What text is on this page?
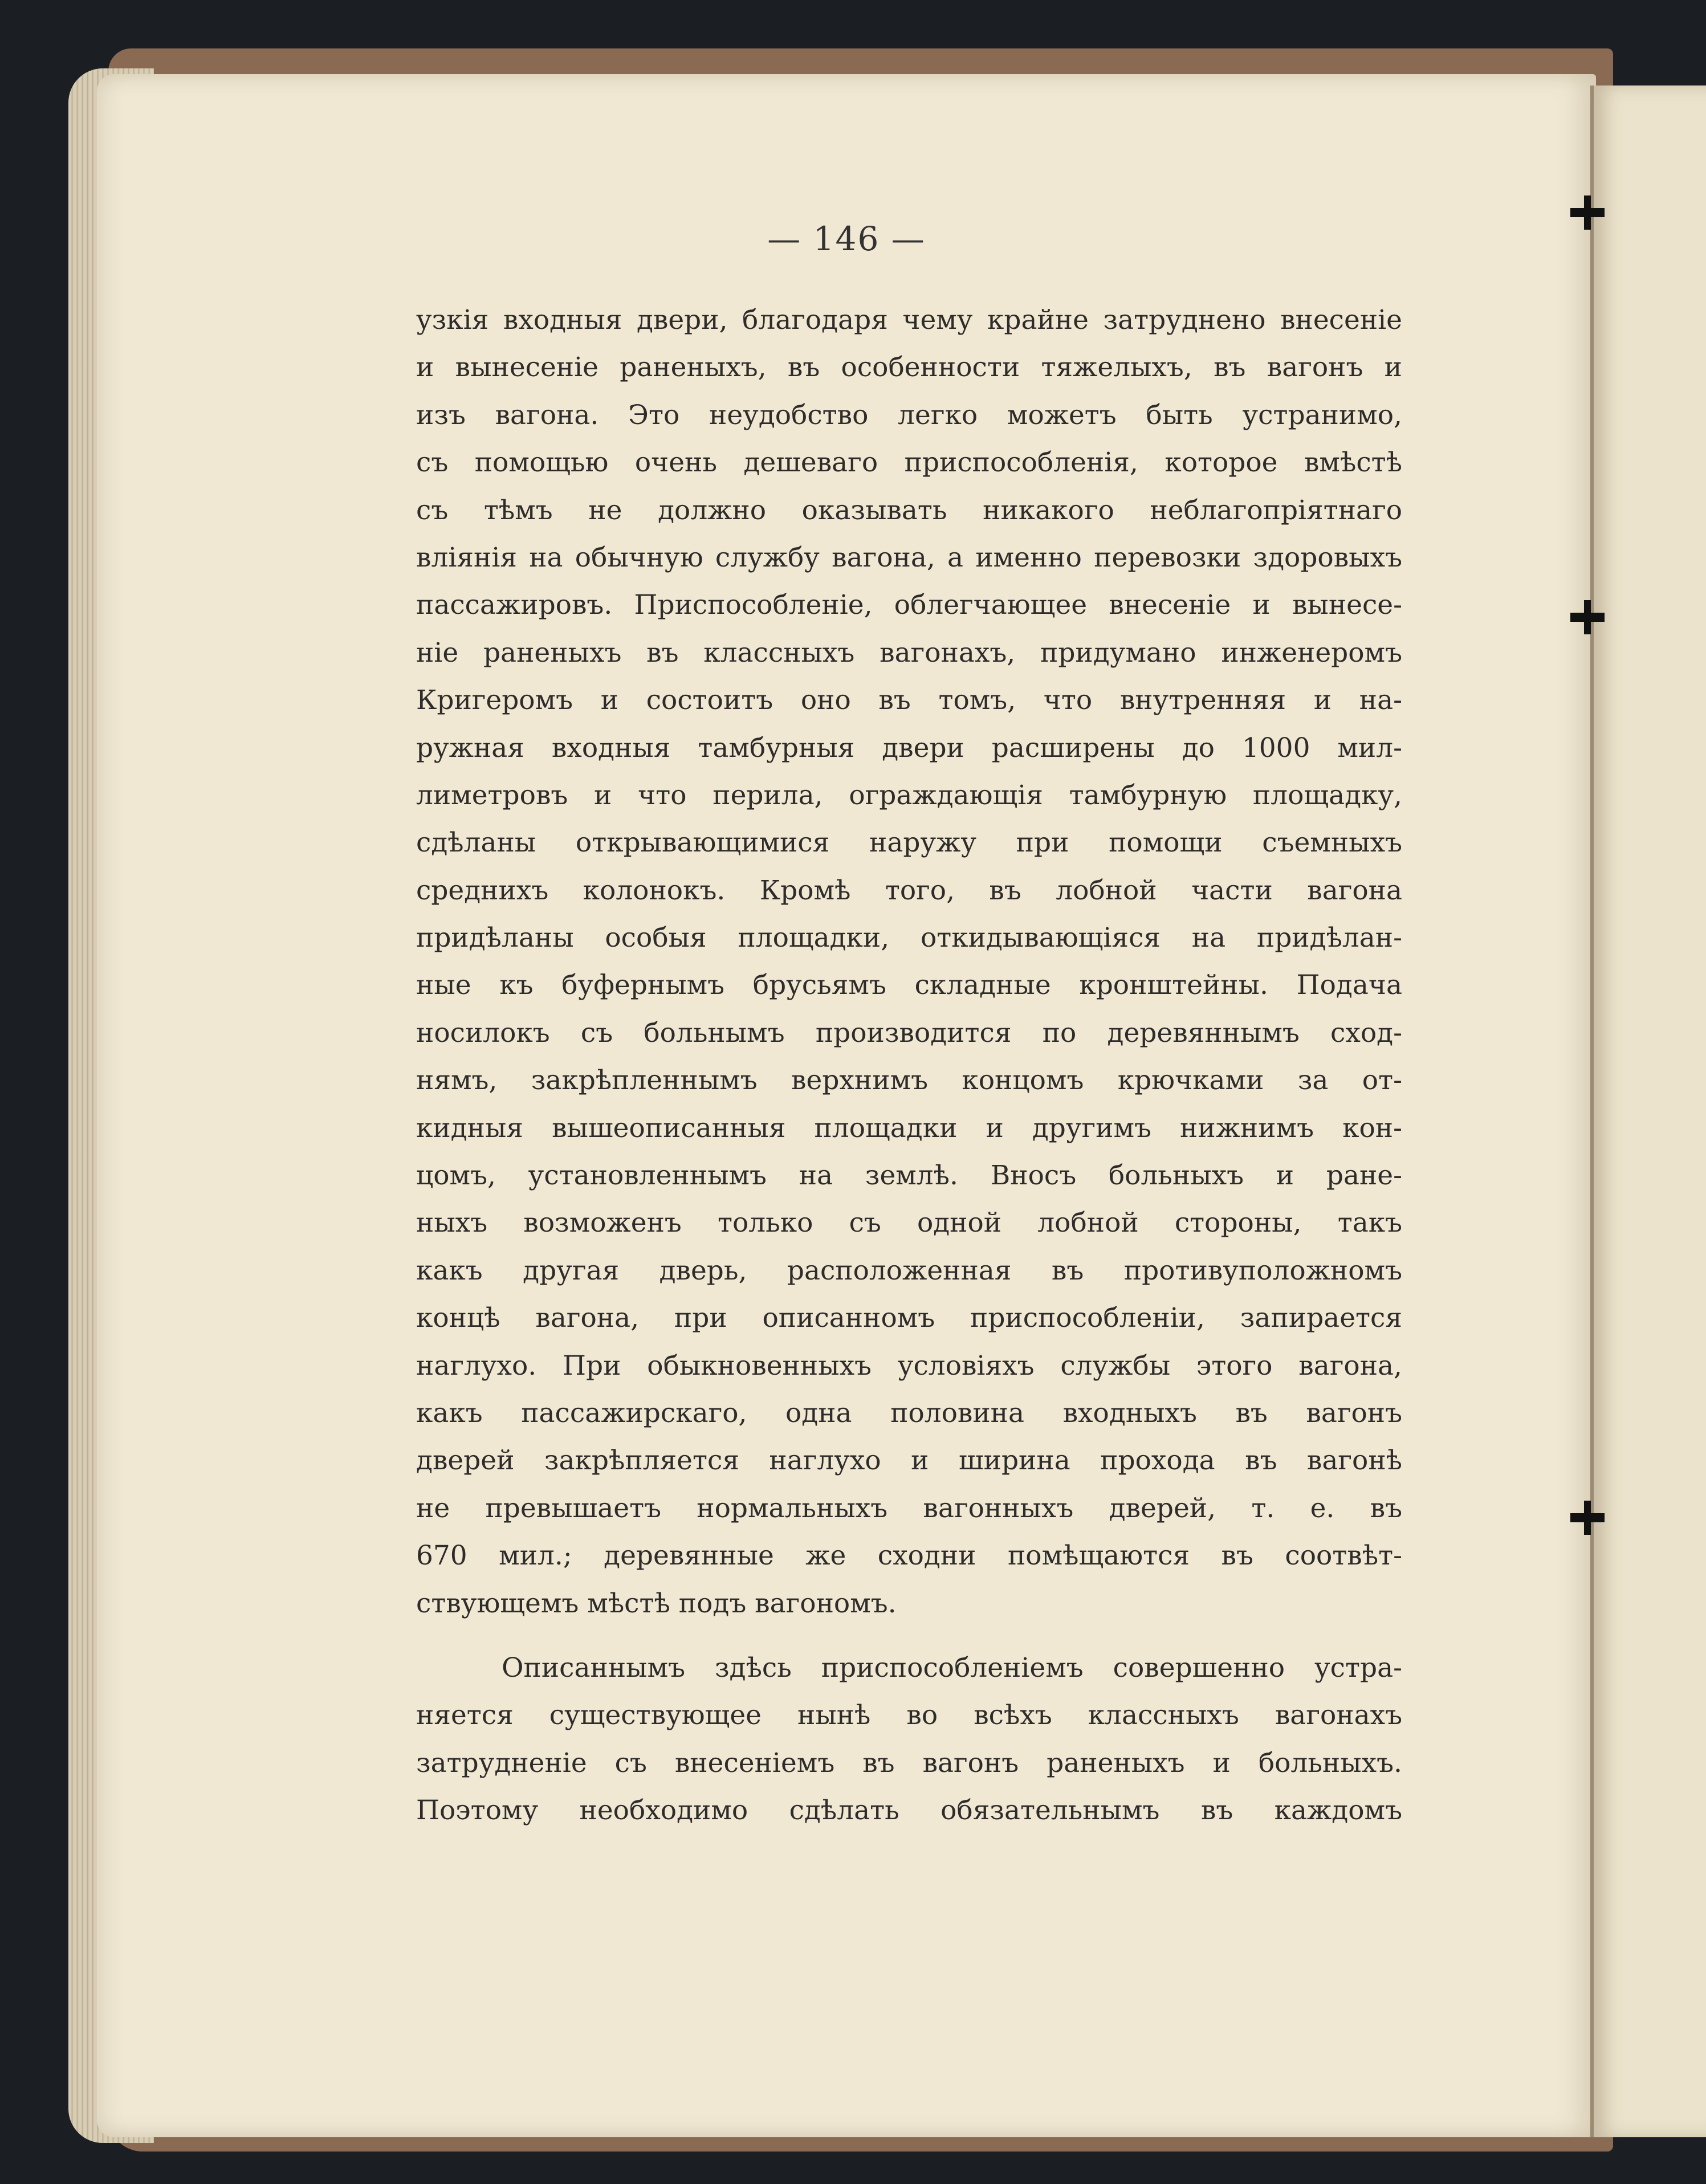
— 146 —
узкія входныя двери, благодаря чему крайне затруднено внесеніе
и вынесеніе раненыхъ, въ особенности тяжелыхъ, въ вагонъ и
изъ вагона. Это неудобство легко можетъ быть устранимо,
съ помощью очень дешеваго приспособленія, которое вмѣстѣ
съ тѣмъ не должно оказывать никакого неблагопріятнаго
вліянія на обычную службу вагона, а именно перевозки здоровыхъ
пассажировъ. Приспособленіе, облегчающее внесеніе и вынесе-
ніе раненыхъ въ классныхъ вагонахъ, придумано инженеромъ
Кригеромъ и состоитъ оно въ томъ, что внутренняя и на-
ружная входныя тамбурныя двери расширены до 1000 мил-
лиметровъ и что перила, ограждающія тамбурную площадку,
сдѣланы открывающимися наружу при помощи съемныхъ
среднихъ колонокъ. Кромѣ того, въ лобной части вагона
придѣланы особыя площадки, откидывающіяся на придѣлан-
ные къ буфернымъ брусьямъ складные кронштейны. Подача
носилокъ съ больнымъ производится по деревяннымъ сход-
нямъ, закрѣпленнымъ верхнимъ концомъ крючками за от-
кидныя вышеописанныя площадки и другимъ нижнимъ кон-
цомъ, установленнымъ на землѣ. Вносъ больныхъ и ране-
ныхъ возможенъ только съ одной лобной стороны, такъ
какъ другая дверь, расположенная въ противуположномъ
концѣ вагона, при описанномъ приспособленіи, запирается
наглухо. При обыкновенныхъ условіяхъ службы этого вагона,
какъ пассажирскаго, одна половина входныхъ въ вагонъ
дверей закрѣпляется наглухо и ширина прохода въ вагонѣ
не превышаетъ нормальныхъ вагонныхъ дверей, т. е. въ
670 мил.; деревянные же сходни помѣщаются въ соотвѣт-
ствующемъ мѣстѣ подъ вагономъ.
Описаннымъ здѣсь приспособленіемъ совершенно устра-
няется существующее нынѣ во всѣхъ классныхъ вагонахъ
затрудненіе съ внесеніемъ въ вагонъ раненыхъ и больныхъ.
Поэтому необходимо сдѣлать обязательнымъ въ каждомъ
